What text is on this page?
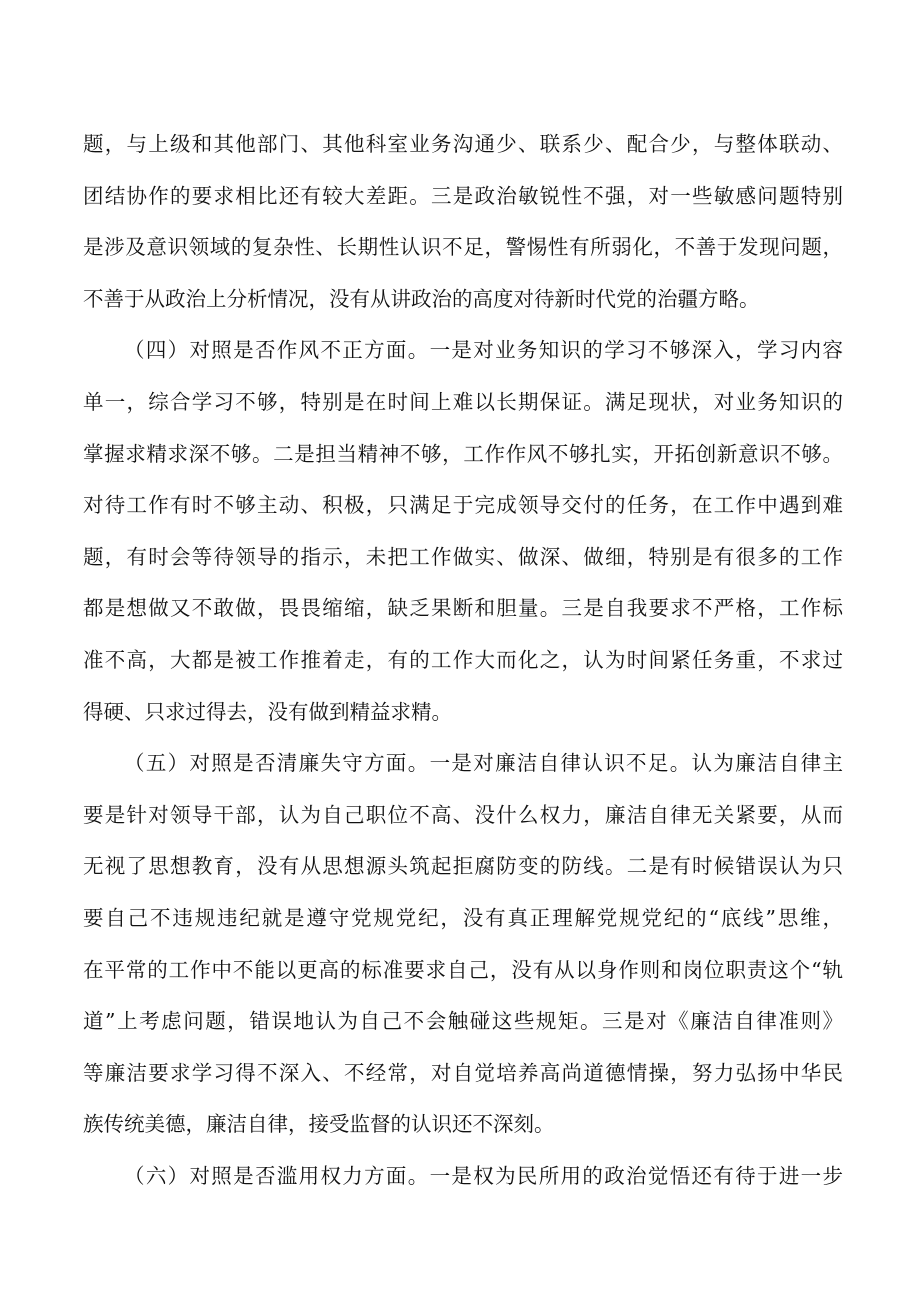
题，与上级和其他部门、其他科室业务沟通少、联系少、配合少，与整体联动、
团结协作的要求相比还有较大差距。三是政治敏锐性不强，对一些敏感问题特别
是涉及意识领域的复杂性、长期性认识不足，警惕性有所弱化，不善于发现问题，
不善于从政治上分析情况，没有从讲政治的高度对待新时代党的治疆方略。
（四）对照是否作风不正方面。一是对业务知识的学习不够深入，学习内容
单一，综合学习不够，特别是在时间上难以长期保证。满足现状，对业务知识的
掌握求精求深不够。二是担当精神不够，工作作风不够扎实，开拓创新意识不够。
对待工作有时不够主动、积极，只满足于完成领导交付的任务，在工作中遇到难
题，有时会等待领导的指示，未把工作做实、做深、做细，特别是有很多的工作
都是想做又不敢做，畏畏缩缩，缺乏果断和胆量。三是自我要求不严格，工作标
准不高，大都是被工作推着走，有的工作大而化之，认为时间紧任务重，不求过
得硬、只求过得去，没有做到精益求精。
（五）对照是否清廉失守方面。一是对廉洁自律认识不足。认为廉洁自律主
要是针对领导干部，认为自己职位不高、没什么权力，廉洁自律无关紧要，从而
无视了思想教育，没有从思想源头筑起拒腐防变的防线。二是有时候错误认为只
要自己不违规违纪就是遵守党规党纪，没有真正理解党规党纪的“底线”思维，
在平常的工作中不能以更高的标准要求自己，没有从以身作则和岗位职责这个“轨
道”上考虑问题，错误地认为自己不会触碰这些规矩。三是对《廉洁自律准则》
等廉洁要求学习得不深入、不经常，对自觉培养高尚道德情操，努力弘扬中华民
族传统美德，廉洁自律，接受监督的认识还不深刻。
（六）对照是否滥用权力方面。一是权为民所用的政治觉悟还有待于进一步
